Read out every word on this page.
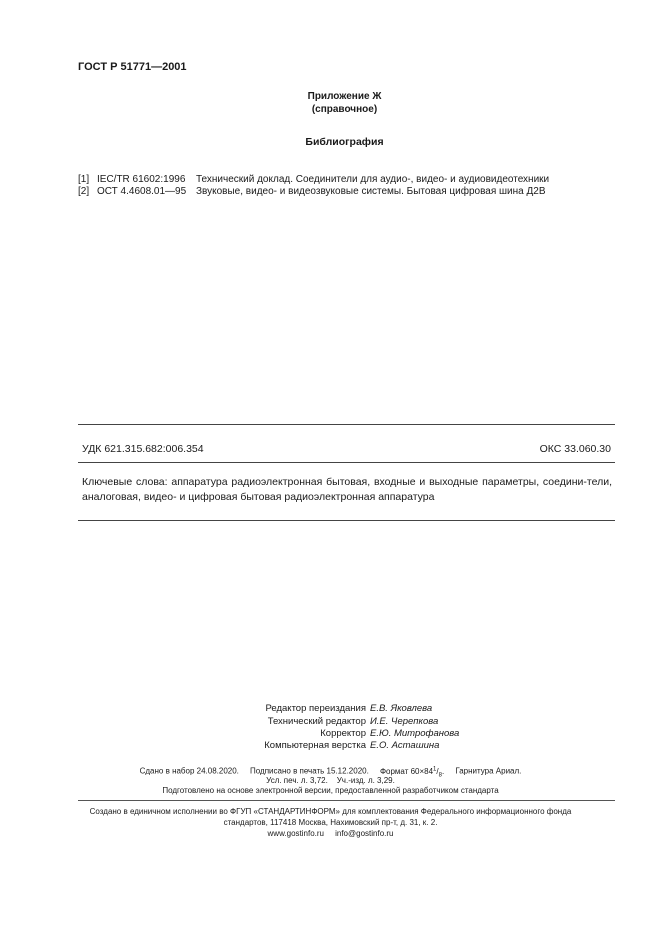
ГОСТ Р 51771—2001
Приложение Ж
(справочное)
Библиография
[1] IEC/TR 61602:1996 Технический доклад. Соединители для аудио-, видео- и аудиовидеотехники
[2] ОСТ 4.4608.01—95 Звуковые, видео- и видеозвуковые системы. Бытовая цифровая шина Д2В
УДК 621.315.682:006.354	ОКС 33.060.30
Ключевые слова: аппаратура радиоэлектронная бытовая, входные и выходные параметры, соедини-тели, аналоговая, видео- и цифровая бытовая радиоэлектронная аппаратура
Редактор переиздания Е.В. Яковлева
Технический редактор И.Е. Черепкова
Корректор Е.Ю. Митрофанова
Компьютерная верстка Е.О. Асташина
Сдано в набор 24.08.2020. Подписано в печать 15.12.2020. Формат $60\times 84^1/_8$. Гарнитура Ариал.
Усл. печ. л. 3,72.    Уч.-изд. л. 3,29.
Подготовлено на основе электронной версии, предоставленной разработчиком стандарта
Создано в единичном исполнении во ФГУП «СТАНДАРТИНФОРМ» для комплектования Федерального информационного фонда
стандартов, 117418 Москва, Нахимовский пр-т, д. 31, к. 2.
www.gostinfo.ru     info@gostinfo.ru
